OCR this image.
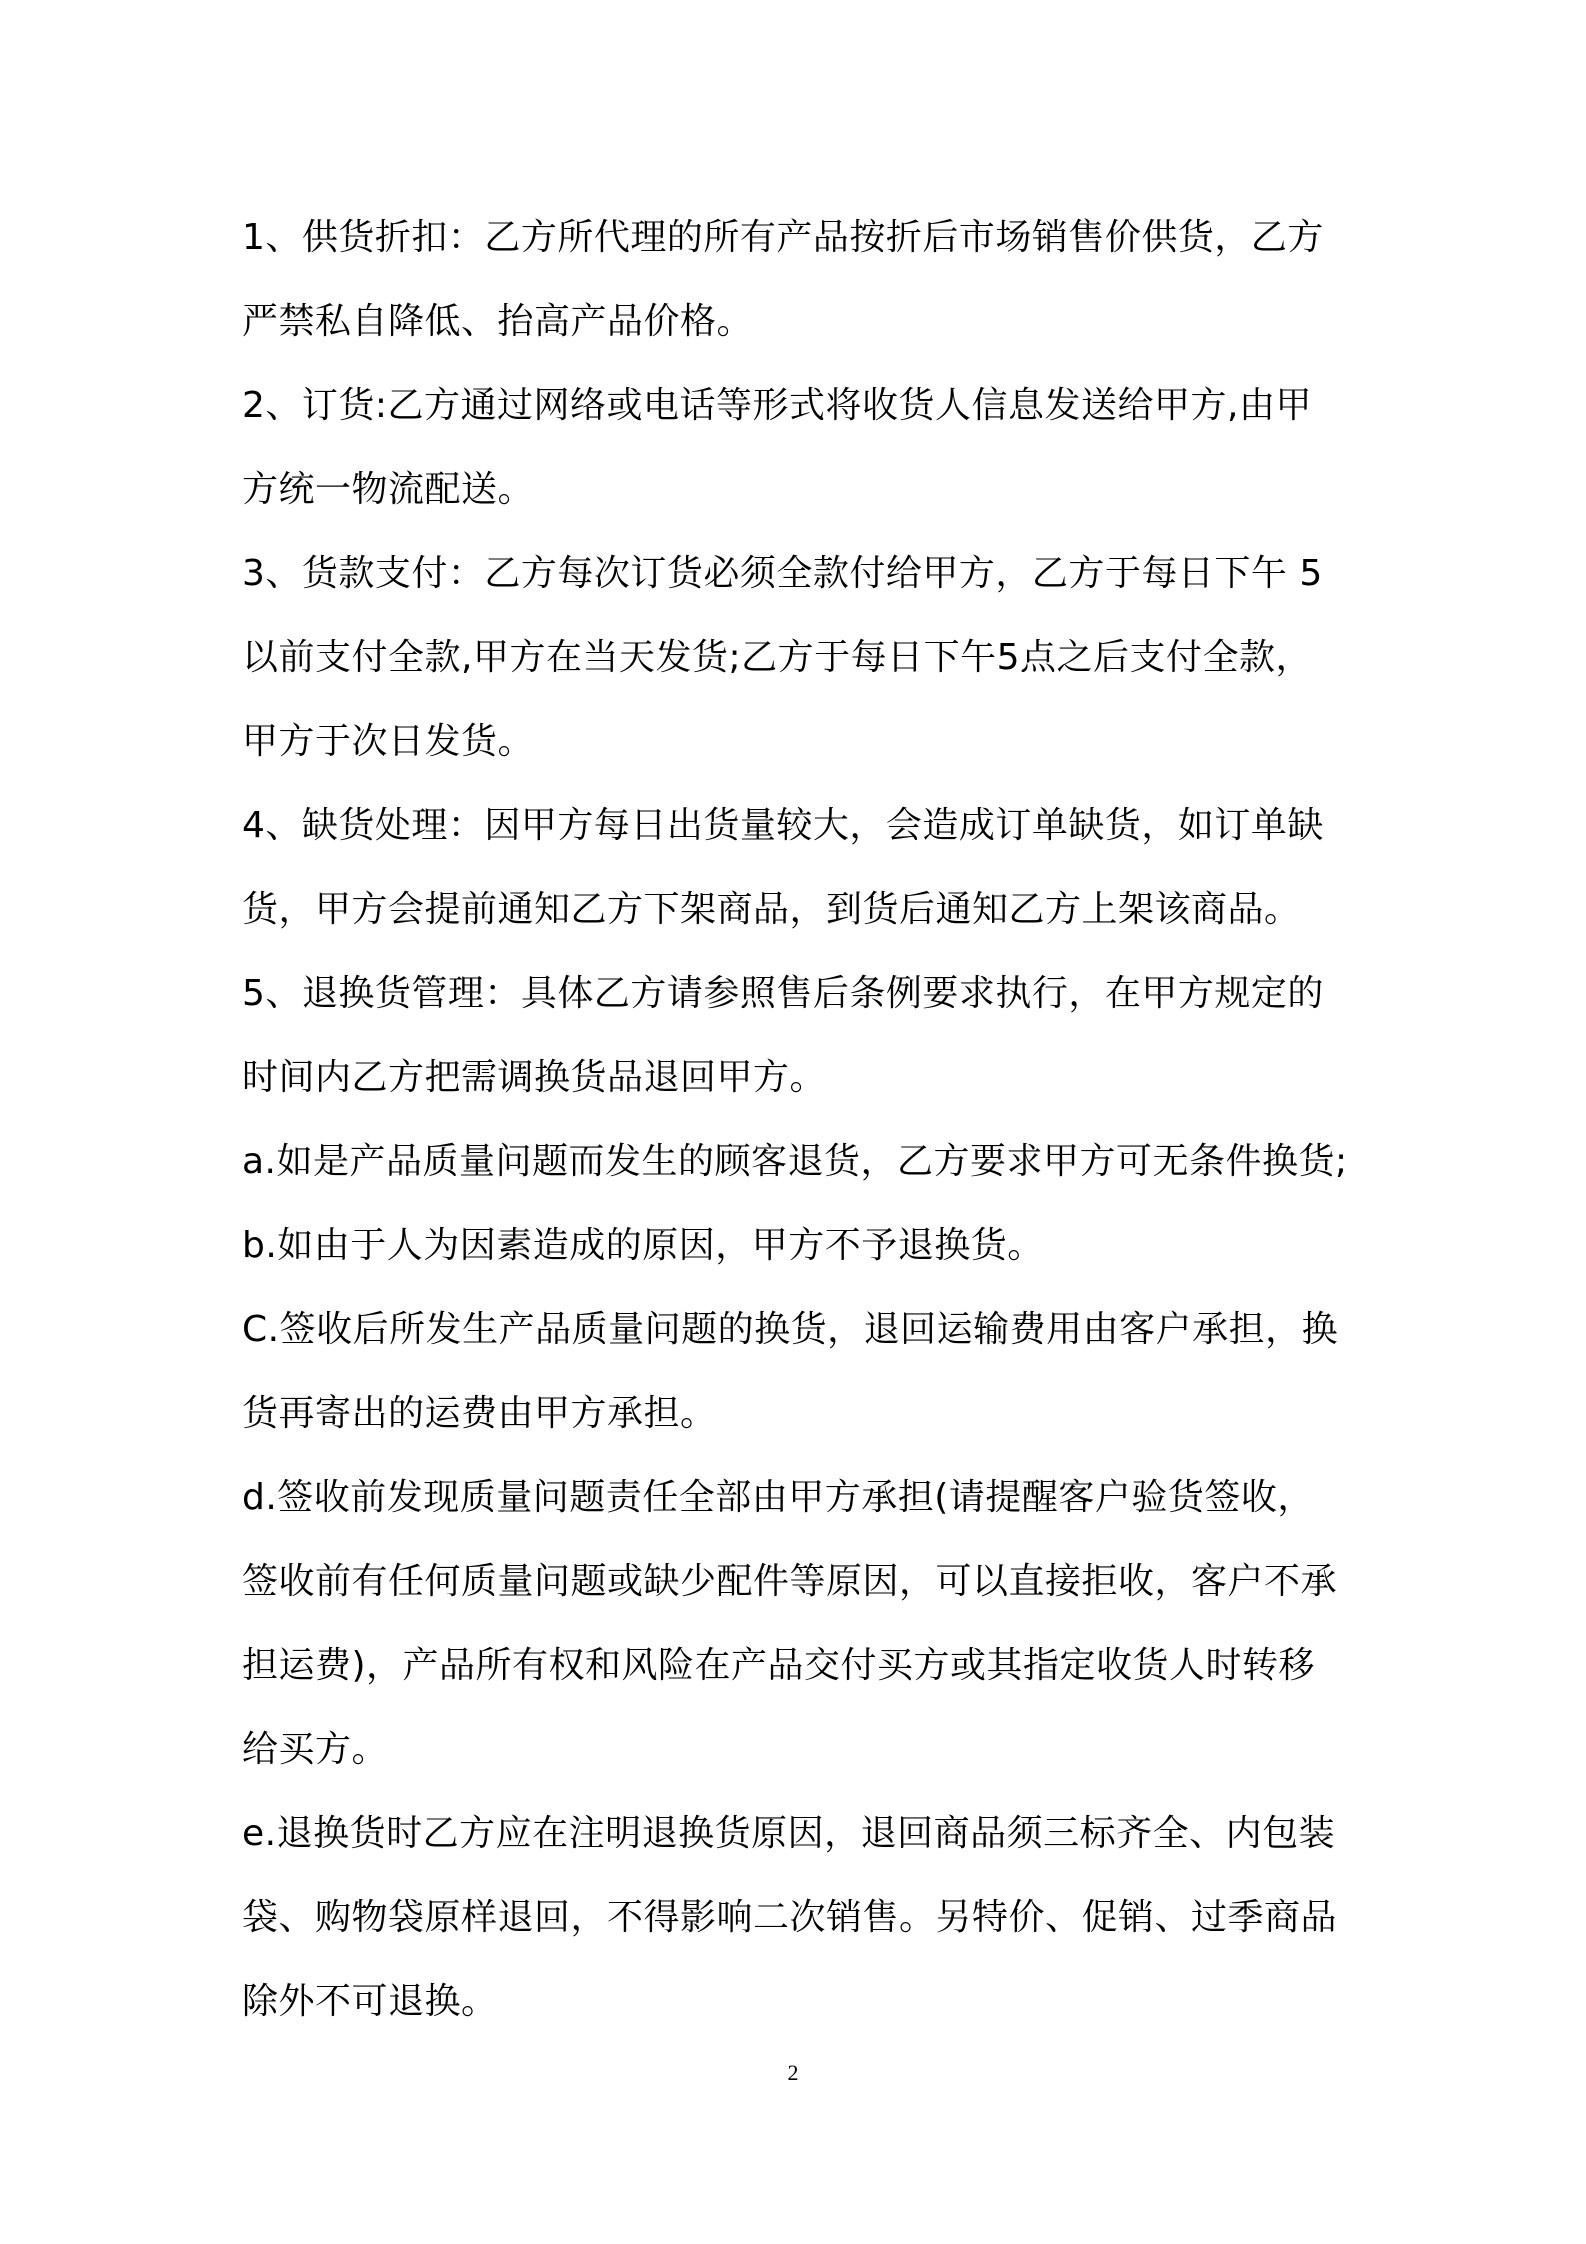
1、供货折扣：乙方所代理的所有产品按折后市场销售价供货，乙方
严禁私自降低、抬高产品价格。
2、订货:乙方通过网络或电话等形式将收货人信息发送给甲方,由甲
方统一物流配送。
3、货款支付：乙方每次订货必须全款付给甲方，乙方于每日下午 5
以前支付全款,甲方在当天发货;乙方于每日下午5点之后支付全款，
甲方于次日发货。
4、缺货处理：因甲方每日出货量较大，会造成订单缺货，如订单缺
货，甲方会提前通知乙方下架商品，到货后通知乙方上架该商品。
5、退换货管理：具体乙方请参照售后条例要求执行，在甲方规定的
时间内乙方把需调换货品退回甲方。
a.如是产品质量问题而发生的顾客退货，乙方要求甲方可无条件换货;
b.如由于人为因素造成的原因，甲方不予退换货。
C.签收后所发生产品质量问题的换货，退回运输费用由客户承担，换
货再寄出的运费由甲方承担。
d.签收前发现质量问题责任全部由甲方承担(请提醒客户验货签收，
签收前有任何质量问题或缺少配件等原因，可以直接拒收，客户不承
担运费)，产品所有权和风险在产品交付买方或其指定收货人时转移
给买方。
e.退换货时乙方应在注明退换货原因，退回商品须三标齐全、内包装
袋、购物袋原样退回，不得影响二次销售。另特价、促销、过季商品
除外不可退换。
2
